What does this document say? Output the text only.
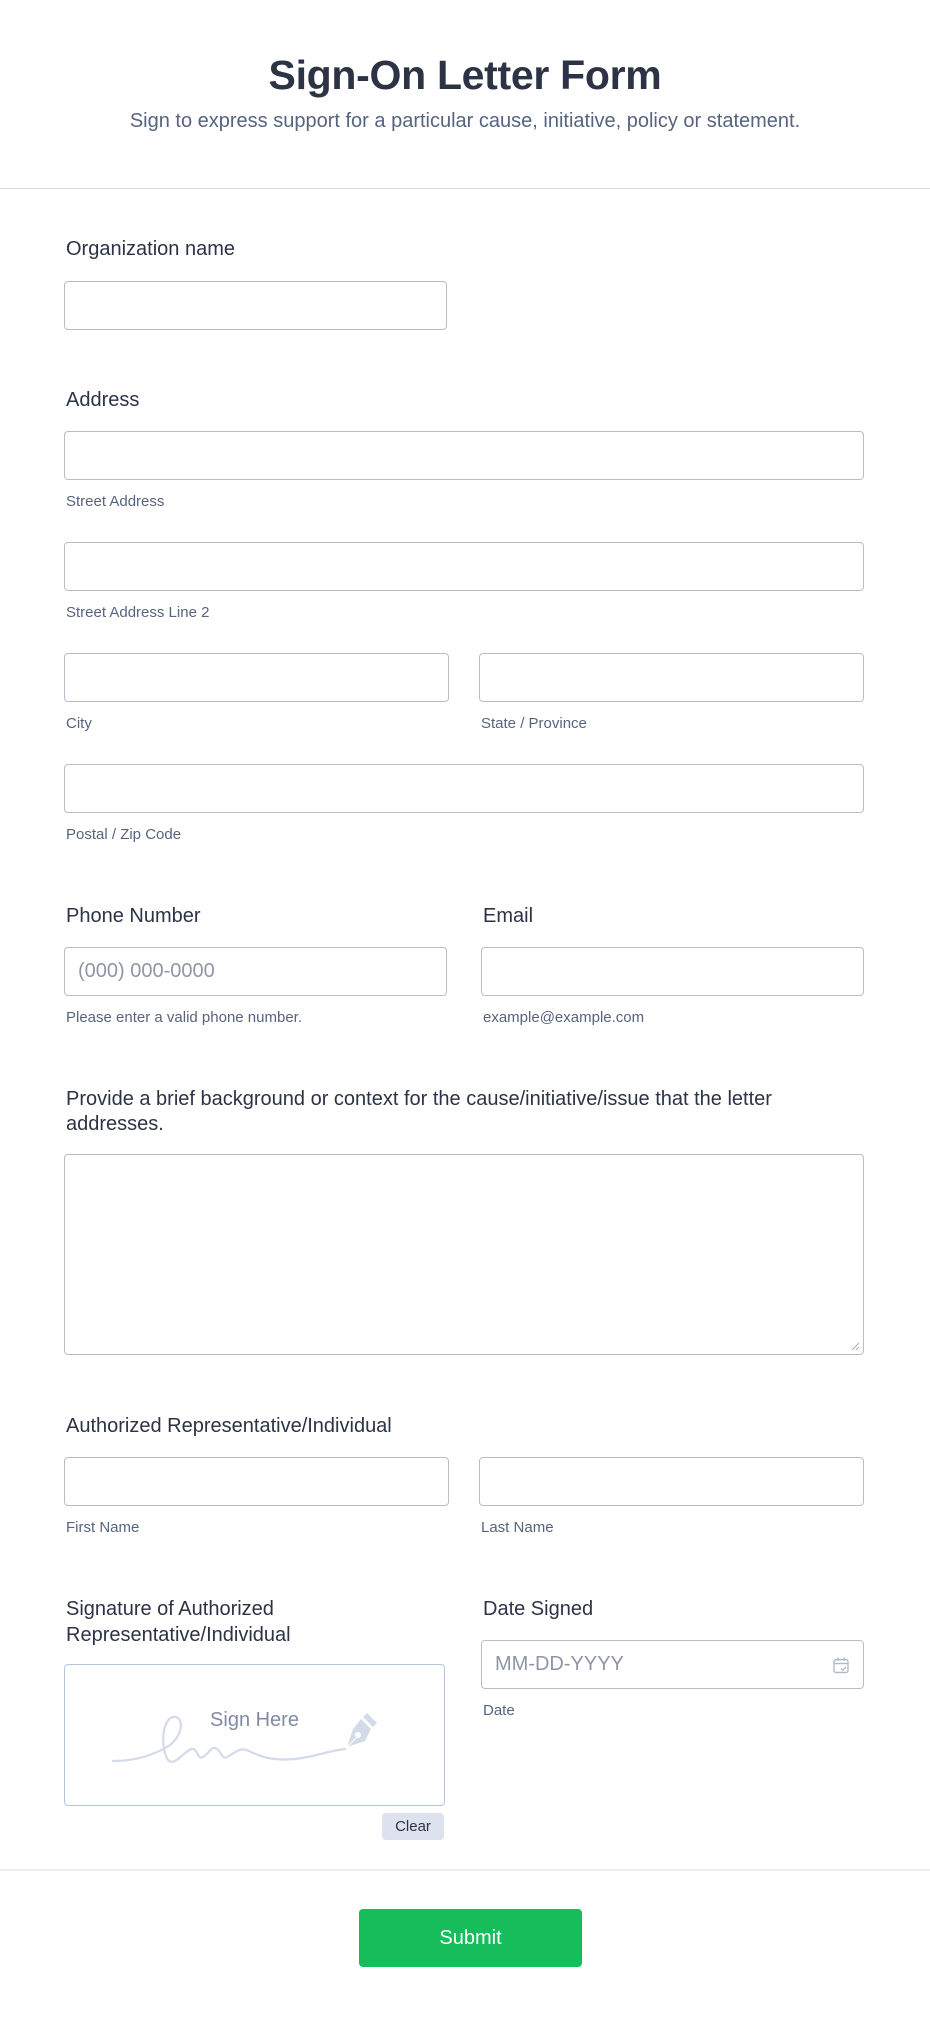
Sign-On Letter Form
Sign to express support for a particular cause, initiative, policy or statement.
Organization name
Address
Street Address
Street Address Line 2
City	State / Province
Postal / Zip Code
Phone Number
(000) 000-0000
Please enter a valid phone number.
Email
example@example.com
Provide a brief background or context for the cause/initiative/issue that the letter addresses.
Authorized Representative/Individual
First Name	Last Name
Signature of Authorized
Representative/Individual
Sign Here
Clear
Date Signed
MM-DD-YYYY
Date
Submit
